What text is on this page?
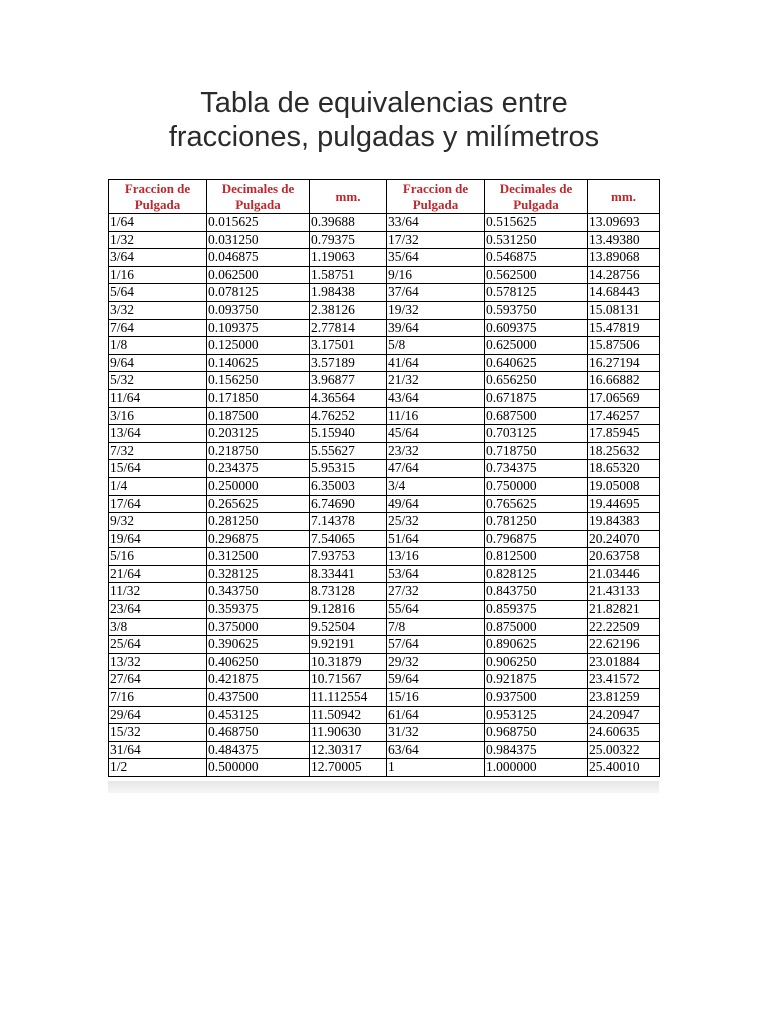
Tabla de equivalencias entre
fracciones, pulgadas y milímetros
Fraccion de Pulgada	Decimales de Pulgada	mm.	Fraccion de Pulgada	Decimales de Pulgada	mm.
1/64	0.015625	0.39688	33/64	0.515625	13.09693
1/32	0.031250	0.79375	17/32	0.531250	13.49380
3/64	0.046875	1.19063	35/64	0.546875	13.89068
1/16	0.062500	1.58751	9/16	0.562500	14.28756
5/64	0.078125	1.98438	37/64	0.578125	14.68443
3/32	0.093750	2.38126	19/32	0.593750	15.08131
7/64	0.109375	2.77814	39/64	0.609375	15.47819
1/8	0.125000	3.17501	5/8	0.625000	15.87506
9/64	0.140625	3.57189	41/64	0.640625	16.27194
5/32	0.156250	3.96877	21/32	0.656250	16.66882
11/64	0.171850	4.36564	43/64	0.671875	17.06569
3/16	0.187500	4.76252	11/16	0.687500	17.46257
13/64	0.203125	5.15940	45/64	0.703125	17.85945
7/32	0.218750	5.55627	23/32	0.718750	18.25632
15/64	0.234375	5.95315	47/64	0.734375	18.65320
1/4	0.250000	6.35003	3/4	0.750000	19.05008
17/64	0.265625	6.74690	49/64	0.765625	19.44695
9/32	0.281250	7.14378	25/32	0.781250	19.84383
19/64	0.296875	7.54065	51/64	0.796875	20.24070
5/16	0.312500	7.93753	13/16	0.812500	20.63758
21/64	0.328125	8.33441	53/64	0.828125	21.03446
11/32	0.343750	8.73128	27/32	0.843750	21.43133
23/64	0.359375	9.12816	55/64	0.859375	21.82821
3/8	0.375000	9.52504	7/8	0.875000	22.22509
25/64	0.390625	9.92191	57/64	0.890625	22.62196
13/32	0.406250	10.31879	29/32	0.906250	23.01884
27/64	0.421875	10.71567	59/64	0.921875	23.41572
7/16	0.437500	11.112554	15/16	0.937500	23.81259
29/64	0.453125	11.50942	61/64	0.953125	24.20947
15/32	0.468750	11.90630	31/32	0.968750	24.60635
31/64	0.484375	12.30317	63/64	0.984375	25.00322
1/2	0.500000	12.70005	1	1.000000	25.40010
